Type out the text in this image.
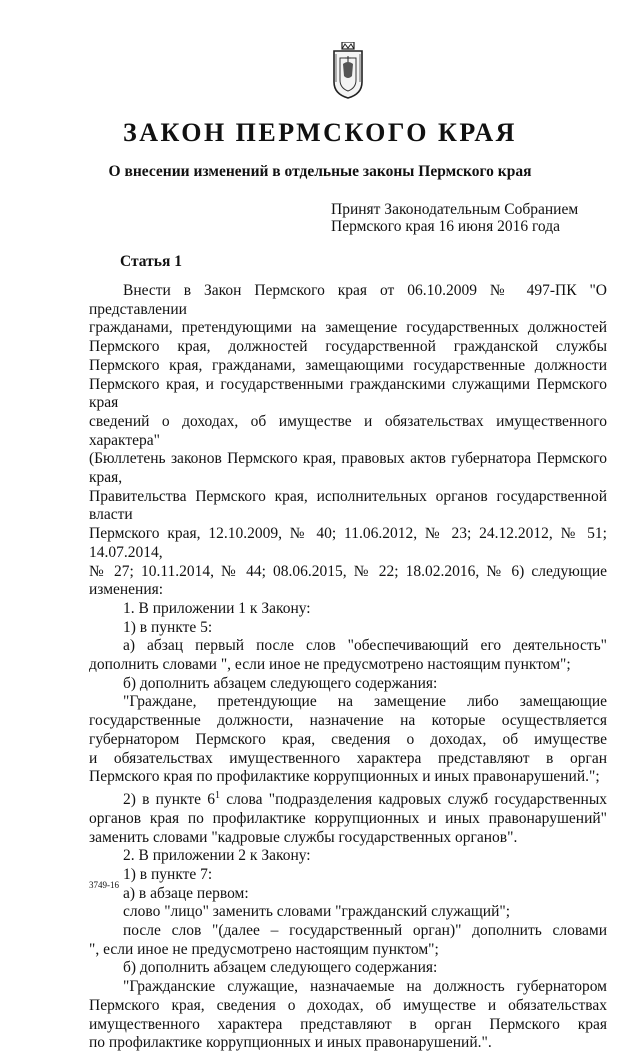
ЗАКОН ПЕРМСКОГО КРАЯ
О внесении изменений в отдельные законы Пермского края
Принят Законодательным Собранием
Пермского края 16 июня 2016 года
Статья 1

Внести в Закон Пермского края от 06.10.2009 № 497-ПК "О представлении

гражданами, претендующими на замещение государственных должностей

Пермского края, должностей государственной гражданской службы

Пермского края, гражданами, замещающими государственные должности

Пермского края, и государственными гражданскими служащими Пермского края

сведений о доходах, об имуществе и обязательствах имущественного характера"

(Бюллетень законов Пермского края, правовых актов губернатора Пермского края,

Правительства Пермского края, исполнительных органов государственной власти

Пермского края, 12.10.2009, № 40; 11.06.2012, № 23; 24.12.2012, № 51; 14.07.2014,

№ 27; 10.11.2014, № 44; 08.06.2015, № 22; 18.02.2016, № 6) следующие изменения:

1. В приложении 1 к Закону:

1) в пункте 5:

а) абзац первый после слов "обеспечивающий его деятельность"

дополнить словами ", если иное не предусмотрено настоящим пунктом";

б) дополнить абзацем следующего содержания:

"Граждане, претендующие на замещение либо замещающие

государственные должности, назначение на которые осуществляется

губернатором Пермского края, сведения о доходах, об имуществе

и обязательствах имущественного характера представляют в орган

Пермского края по профилактике коррупционных и иных правонарушений.";

2) в пункте $6^1$ слова "подразделения кадровых служб государственных

органов края по профилактике коррупционных и иных правонарушений"

заменить словами "кадровые службы государственных органов".

2. В приложении 2 к Закону:

1) в пункте 7:

а) в абзаце первом:

слово "лицо" заменить словами "гражданский служащий";

после слов "(далее – государственный орган)" дополнить словами

", если иное не предусмотрено настоящим пунктом";

б) дополнить абзацем следующего содержания:

"Гражданские служащие, назначаемые на должность губернатором

Пермского края, сведения о доходах, об имуществе и обязательствах

имущественного характера представляют в орган Пермского края

по профилактике коррупционных и иных правонарушений.".

3749-16
